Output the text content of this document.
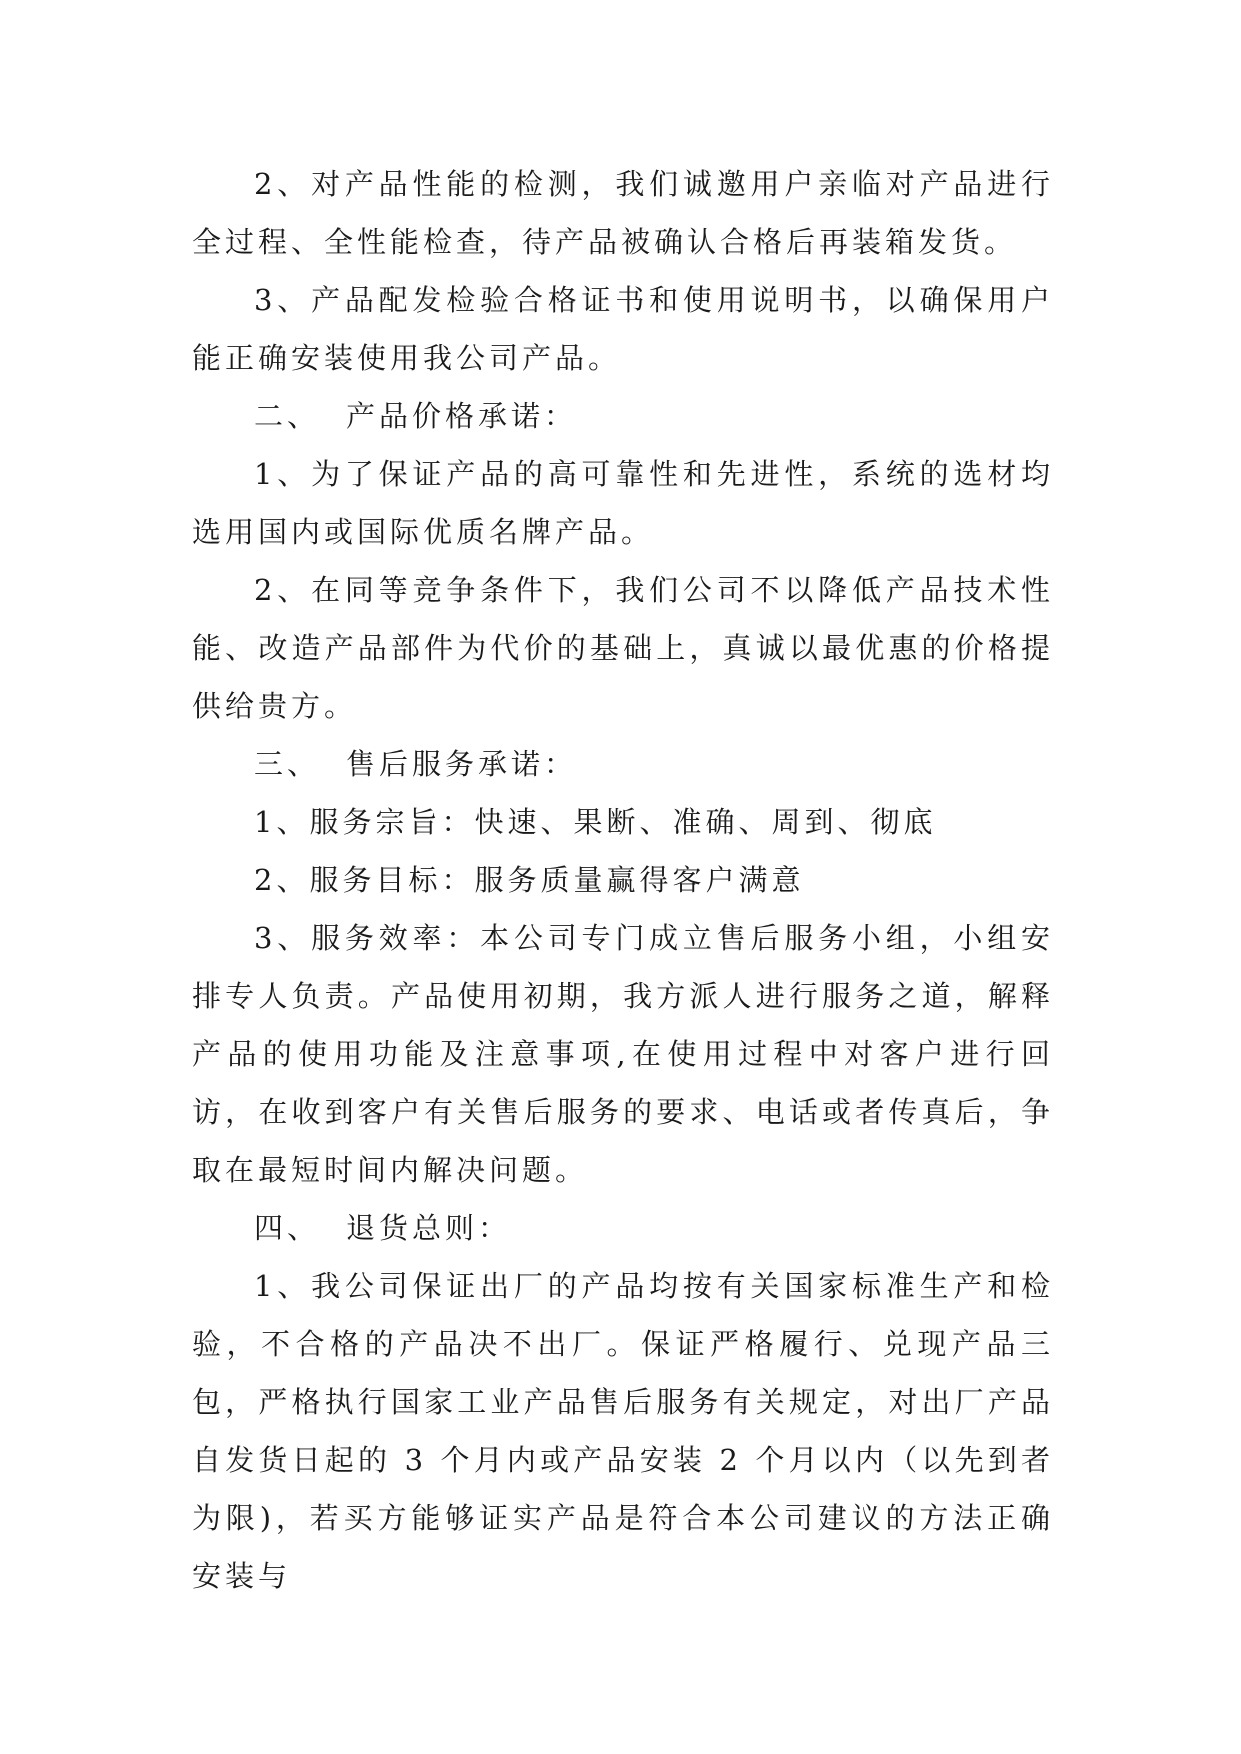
2、对产品性能的检测，我们诚邀用户亲临对产品进行全过程、全性能检查，待产品被确认合格后再装箱发货。

3、产品配发检验合格证书和使用说明书，以确保用户能正确安装使用我公司产品。

二、 产品价格承诺：

1、为了保证产品的高可靠性和先进性，系统的选材均选用国内或国际优质名牌产品。

2、在同等竞争条件下，我们公司不以降低产品技术性能、改造产品部件为代价的基础上，真诚以最优惠的价格提供给贵方。

三、 售后服务承诺：

1、服务宗旨：快速、果断、准确、周到、彻底

2、服务目标：服务质量赢得客户满意

3、服务效率：本公司专门成立售后服务小组，小组安排专人负责。产品使用初期，我方派人进行服务之道，解释产品的使用功能及注意事项,在使用过程中对客户进行回访，在收到客户有关售后服务的要求、电话或者传真后，争取在最短时间内解决问题。

四、 退货总则：

1、我公司保证出厂的产品均按有关国家标准生产和检验，不合格的产品决不出厂。保证严格履行、兑现产品三包，严格执行国家工业产品售后服务有关规定，对出厂产品自发货日起的 3 个月内或产品安装 2 个月以内（以先到者为限)，若买方能够证实产品是符合本公司建议的方法正确安装与
